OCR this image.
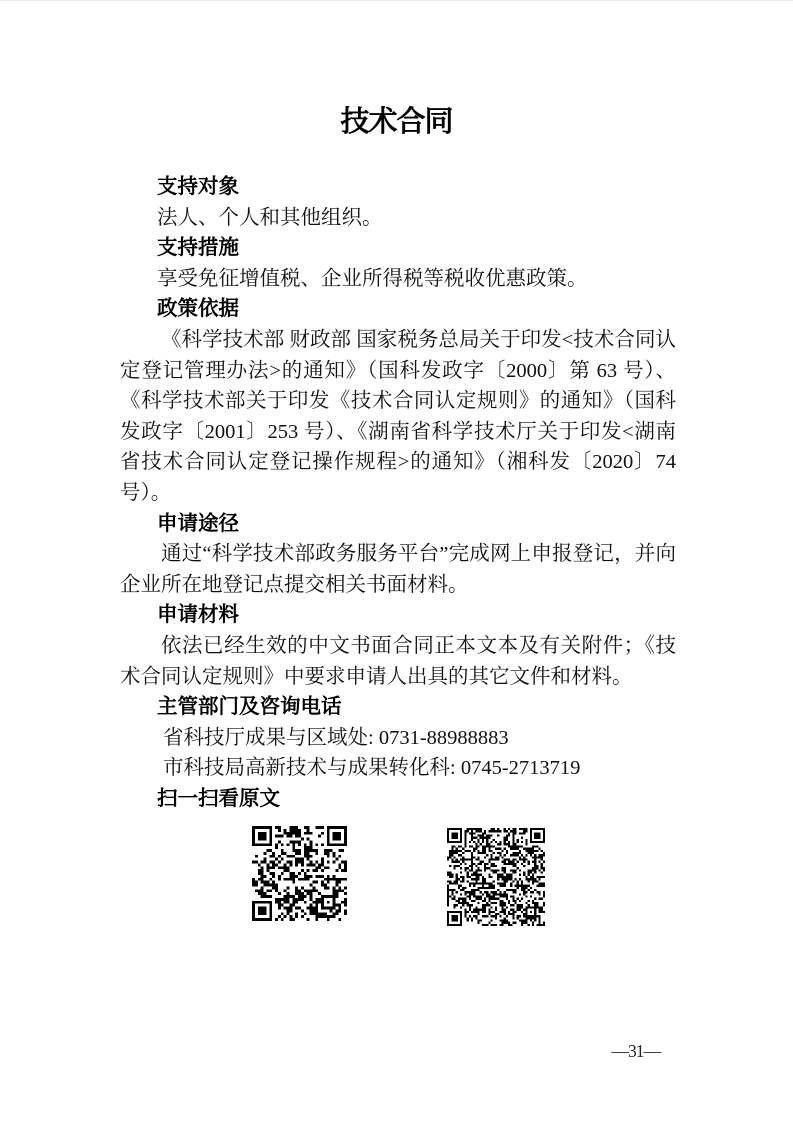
技术合同
支持对象
法人、个人和其他组织。
支持措施
享受免征增值税、企业所得税等税收优惠政策。
政策依据

《科学技术部 财政部 国家税务总局关于印发<技术合同认定登记管理办法>的通知》（国科发政字〔2000〕第 63 号）、《科学技术部关于印发《技术合同认定规则》的通知》（国科发政字〔2001〕253 号）、《湖南省科学技术厅关于印发<湖南省技术合同认定登记操作规程>的通知》（湘科发〔2020〕74 号）。

申请途径

通过“科学技术部政务服务平台”完成网上申报登记，并向企业所在地登记点提交相关书面材料。

申请材料

依法已经生效的中文书面合同正本文本及有关附件；《技术合同认定规则》中要求申请人出具的其它文件和材料。

主管部门及咨询电话
省科技厅成果与区域处: 0731-88988883
市科技局高新技术与成果转化科: 0745-2713719
扫一扫看原文
—31—
